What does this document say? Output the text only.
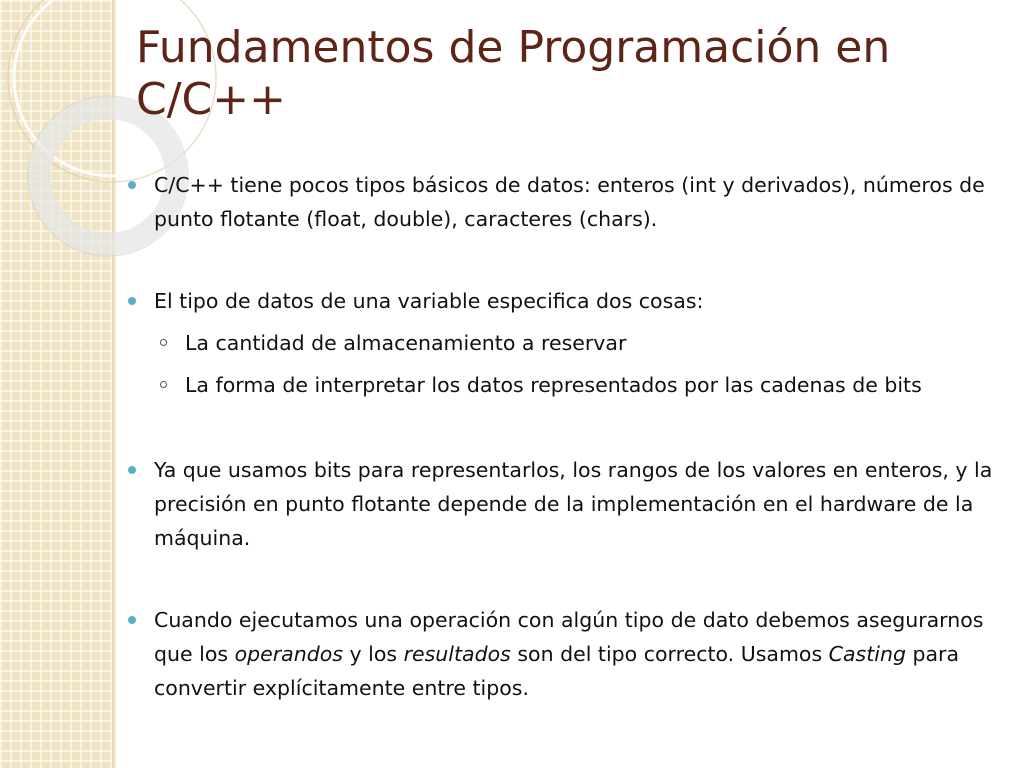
Fundamentos de Programación en C/C++
C/C++ tiene pocos tipos básicos de datos: enteros (int y derivados), números de punto flotante (float, double), caracteres (chars).
El tipo de datos de una variable especifica dos cosas:
La cantidad de almacenamiento a reservar
La forma de interpretar los datos representados por las cadenas de bits
Ya que usamos bits para representarlos, los rangos de los valores en enteros, y la precisión en punto flotante depende de la implementación en el hardware de la máquina.
Cuando ejecutamos una operación con algún tipo de dato debemos asegurarnos que los operandos y los resultados son del tipo correcto. Usamos Casting para convertir explícitamente entre tipos.
